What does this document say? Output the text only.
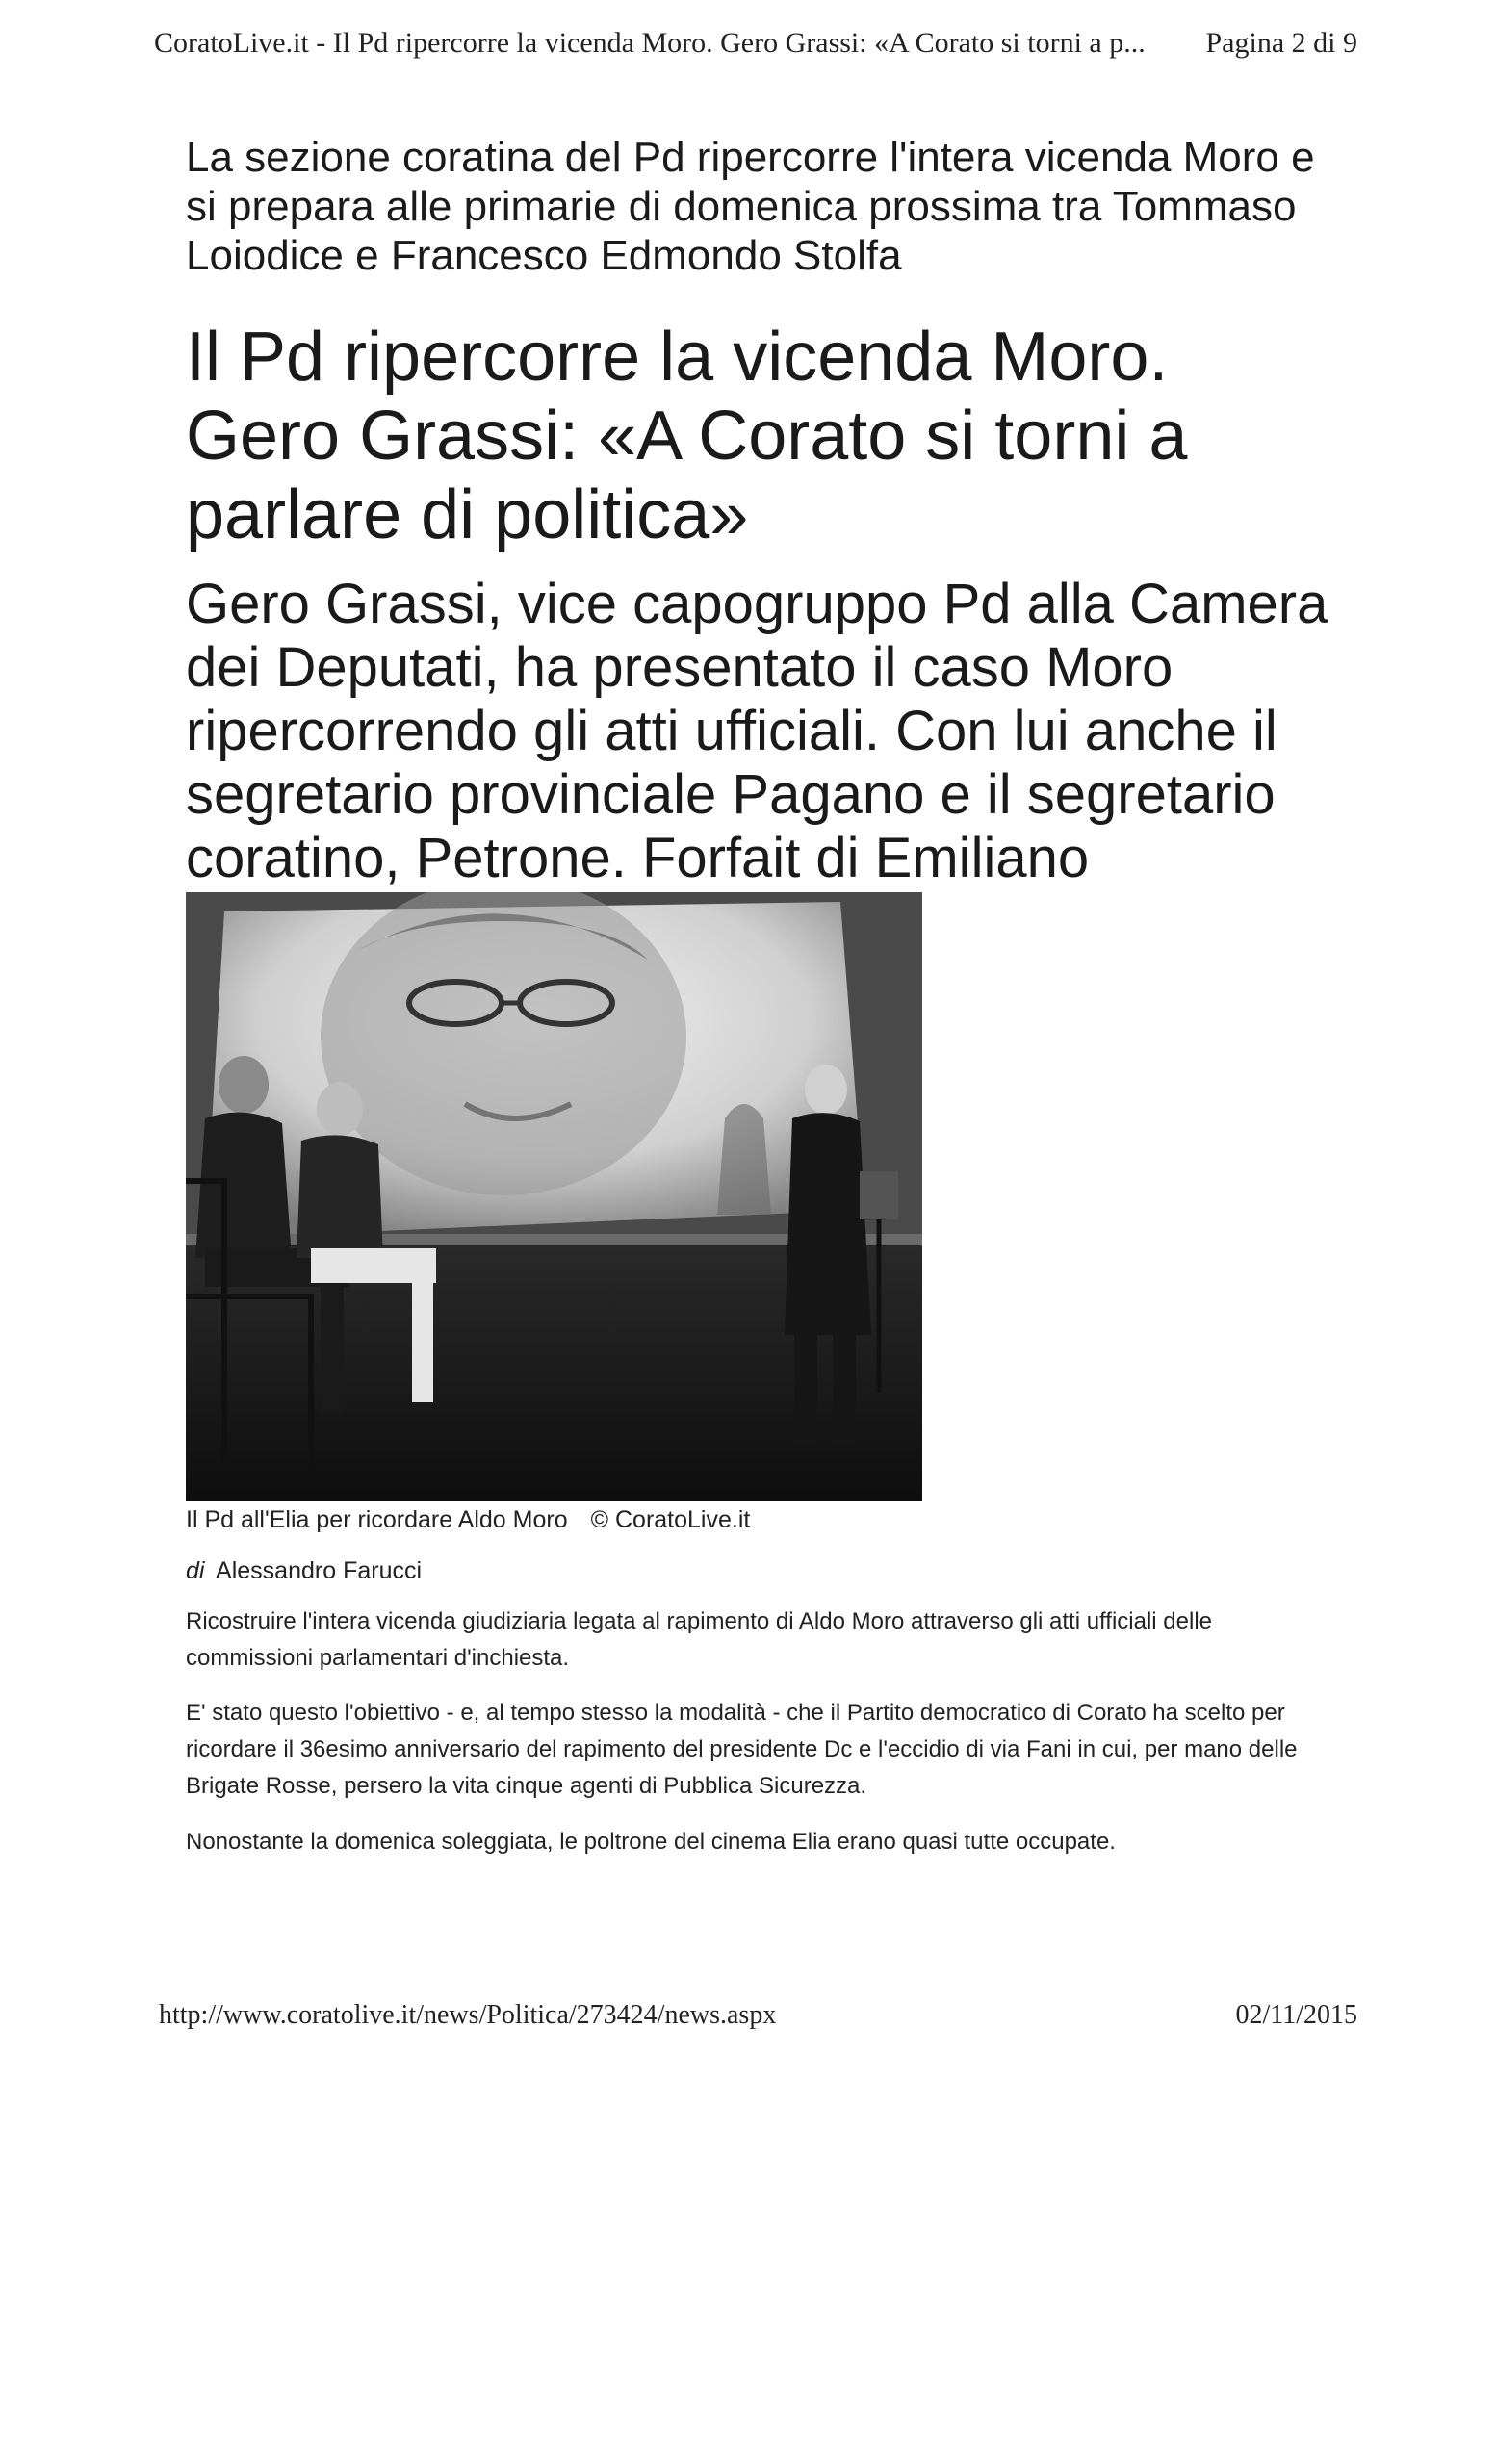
CoratoLive.it - Il Pd ripercorre la vicenda Moro. Gero Grassi: «A Corato si torni a p... Pagina 2 di 9
La sezione coratina del Pd ripercorre l'intera vicenda Moro e si prepara alle primarie di domenica prossima tra Tommaso Loiodice e Francesco Edmondo Stolfa
Il Pd ripercorre la vicenda Moro. Gero Grassi: «A Corato si torni a parlare di politica»
Gero Grassi, vice capogruppo Pd alla Camera dei Deputati, ha presentato il caso Moro ripercorrendo gli atti ufficiali. Con lui anche il segretario provinciale Pagano e il segretario coratino, Petrone. Forfait di Emiliano
Il Pd all'Elia per ricordare Aldo Moro © CoratoLive.it
di Alessandro Farucci
Ricostruire l'intera vicenda giudiziaria legata al rapimento di Aldo Moro attraverso gli atti ufficiali delle commissioni parlamentari d'inchiesta.
E' stato questo l'obiettivo - e, al tempo stesso la modalità - che il Partito democratico di Corato ha scelto per ricordare il 36esimo anniversario del rapimento del presidente Dc e l'eccidio di via Fani in cui, per mano delle Brigate Rosse, persero la vita cinque agenti di Pubblica Sicurezza.
Nonostante la domenica soleggiata, le poltrone del cinema Elia erano quasi tutte occupate.
http://www.coratolive.it/news/Politica/273424/news.aspx	02/11/2015
